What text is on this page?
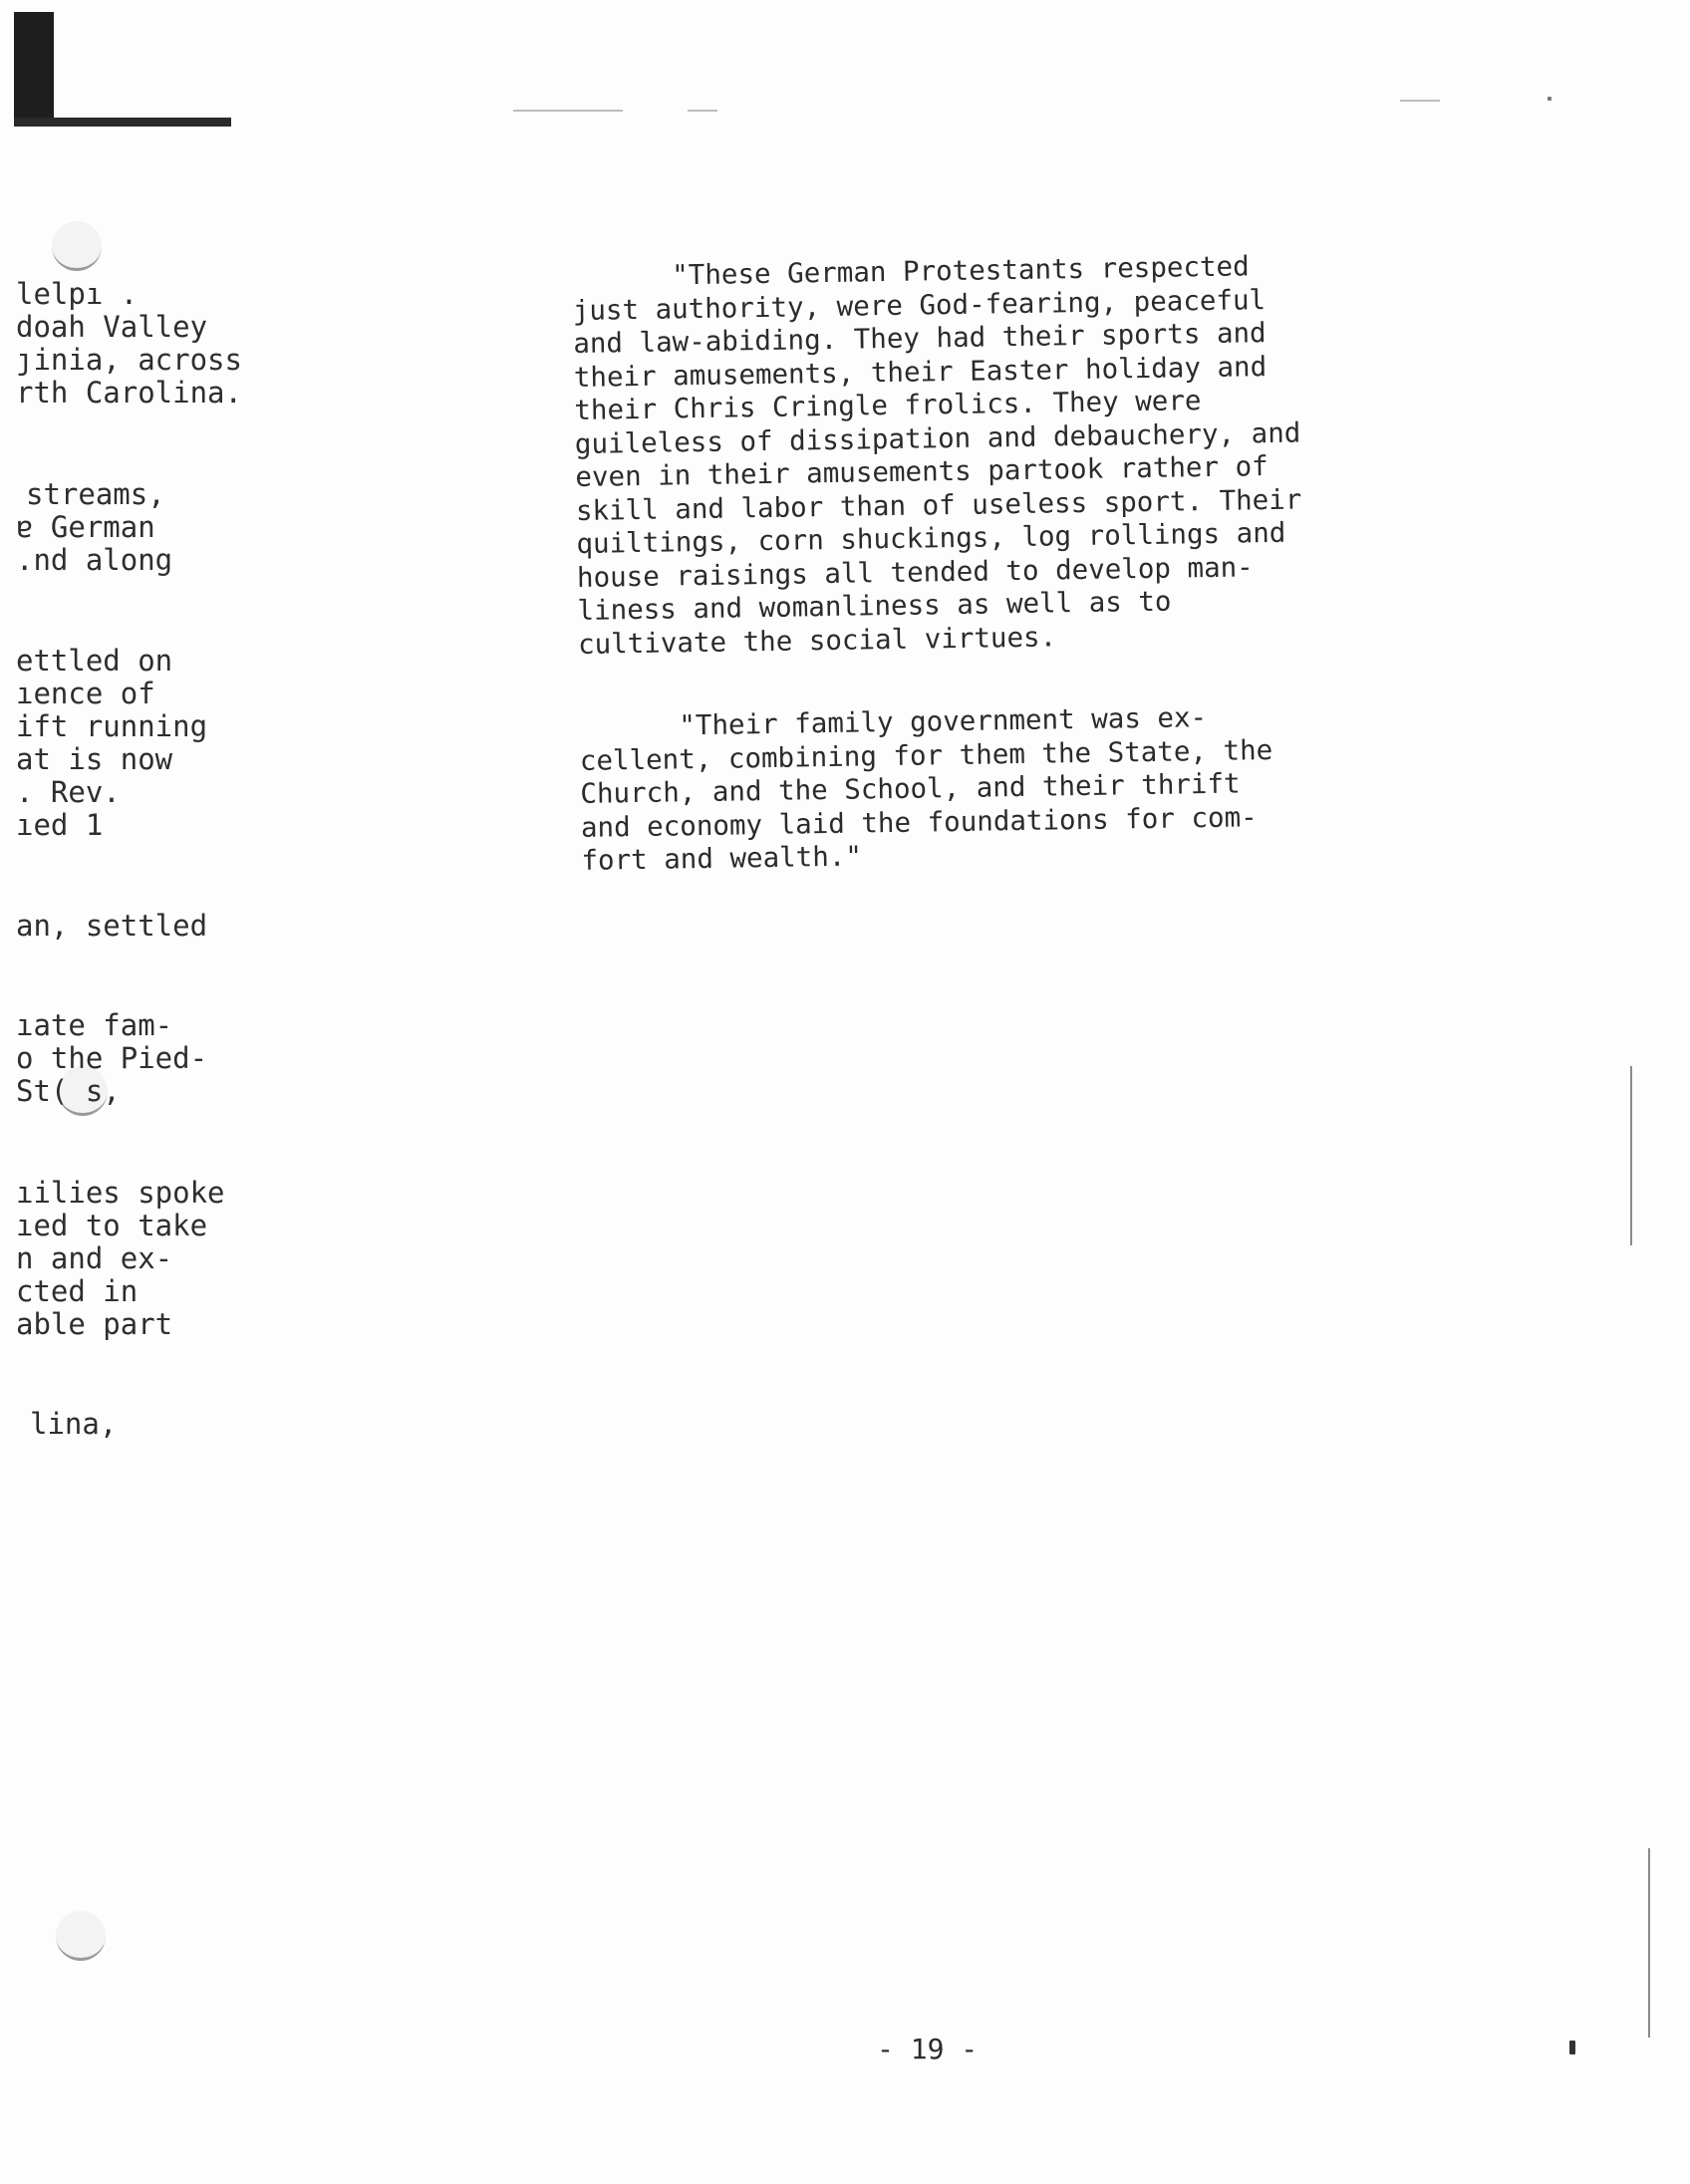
lelpı .
doah Valley
ȷinia, across
rth Carolina.
streams,
ɐ German
.nd along
ettled on
ıence of
ift running
at is now
. Rev.
ıed 1
an, settled
ıate fam-
o the Pied-
St( s,
ıilies spoke
ıed to take
n and ex-
cted in
able part
lina,

"These German Protestants respected
just authority, were God-fearing, peaceful
and law-abiding. They had their sports and
their amusements, their Easter holiday and
their Chris Cringle frolics. They were
guileless of dissipation and debauchery, and
even in their amusements partook rather of
skill and labor than of useless sport. Their
quiltings, corn shuckings, log rollings and
house raisings all tended to develop man-
liness and womanliness as well as to
cultivate the social virtues.

"Their family government was ex-
cellent, combining for them the State, the
Church, and the School, and their thrift
and economy laid the foundations for com-
fort and wealth."

- 19 -
